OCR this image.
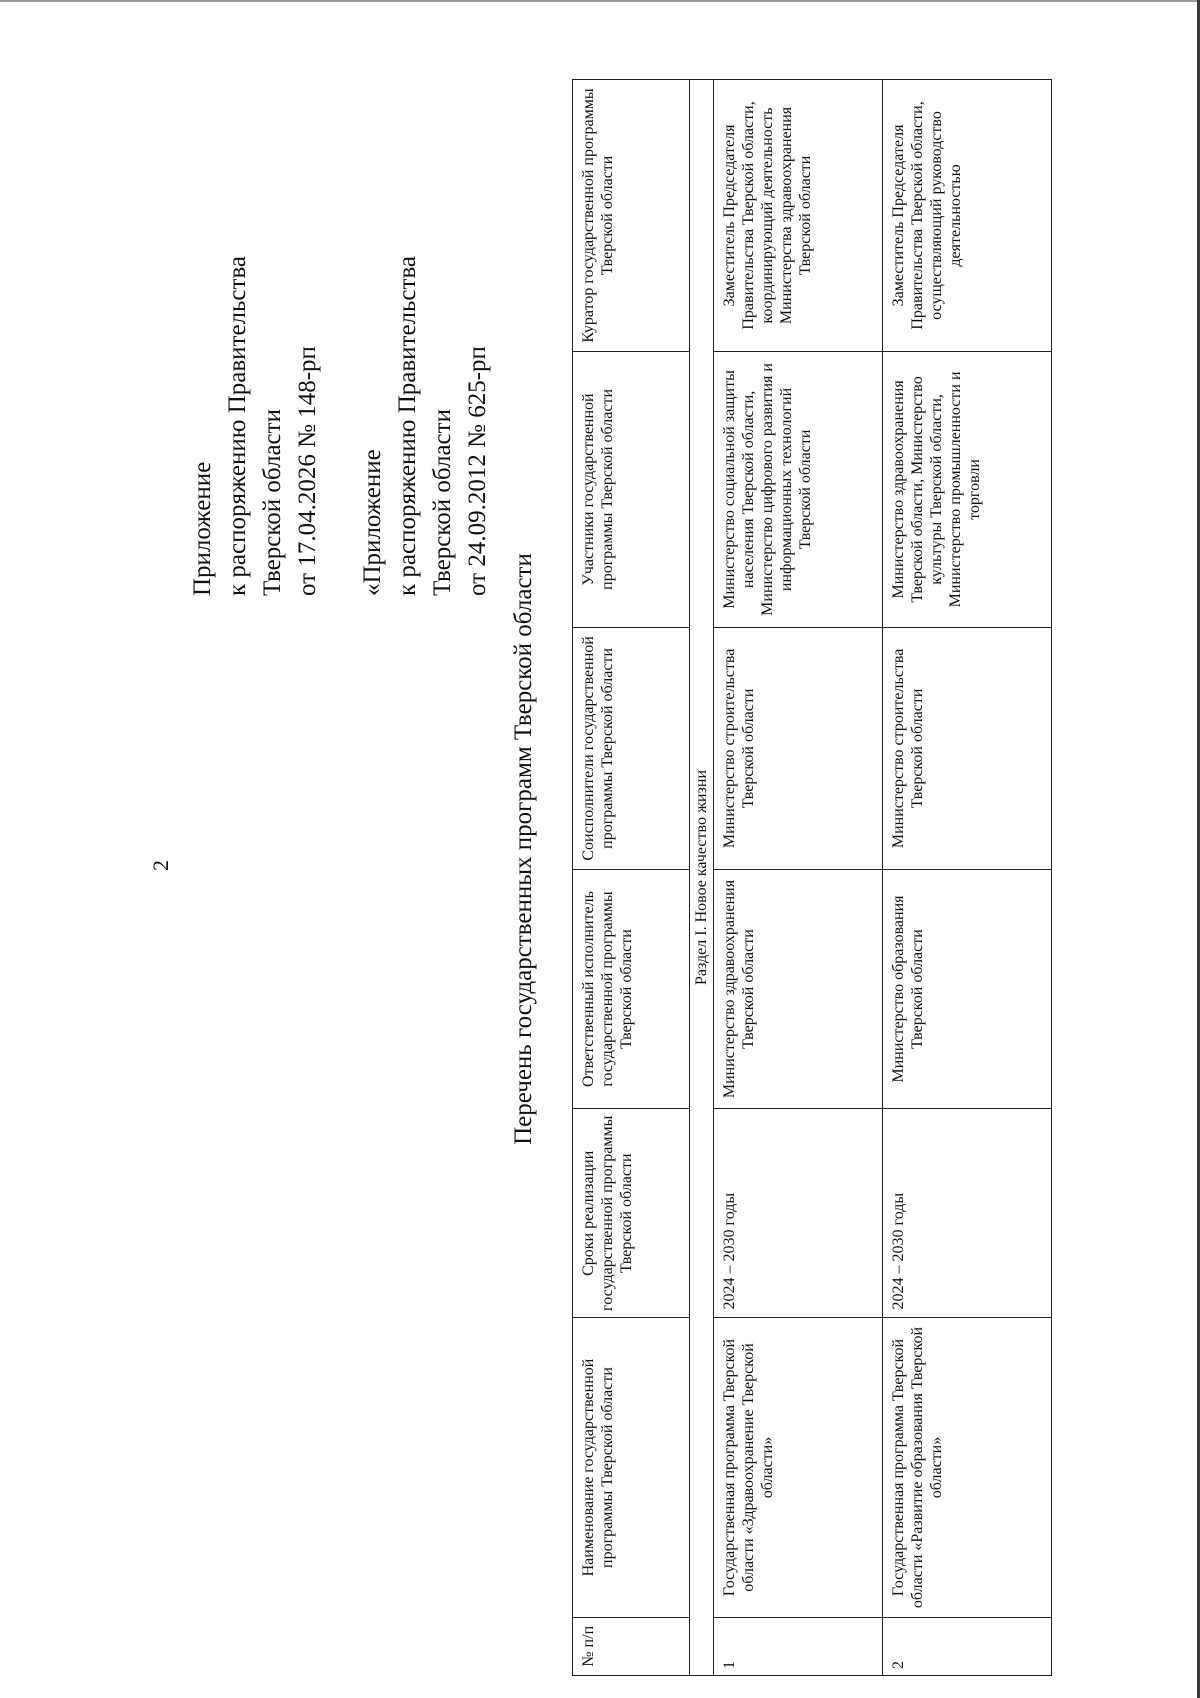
2
Приложение к распоряжению Правительства Тверской области от 17.04.2026 № 148-рп «Приложение к распоряжению Правительства Тверской области от 24.09.2012 № 625-рп
Перечень государственных программ Тверской области
№ п/п	Наименование государственной программы Тверской области	Сроки реализации государственной программы Тверской области	Ответственный исполнитель государственной программы Тверской области	Соисполнители государственной программы Тверской области	Участники государственной программы Тверской области	Куратор государственной программы Тверской области
Раздел I. Новое качество жизни						
1	Государственная программа Тверской области «Здравоохранение Тверской области»	2024 – 2030 годы	Министерство здравоохранения Тверской области	Министерство строительства Тверской области	Министерство социальной защиты населения Тверской области, Министерство цифрового развития и информационных технологий Тверской области	Заместитель Председателя Правительства Тверской области, координирующий деятельность Министерства здравоохранения Тверской области
2	Государственная программа Тверской области «Развитие образования Тверской области»	2024 – 2030 годы	Министерство образования Тверской области	Министерство строительства Тверской области	Министерство здравоохранения Тверской области, Министерство культуры Тверской области, Министерство промышленности и торговли	Заместитель Председателя Правительства Тверской области, осуществляющий руководство деятельностью
